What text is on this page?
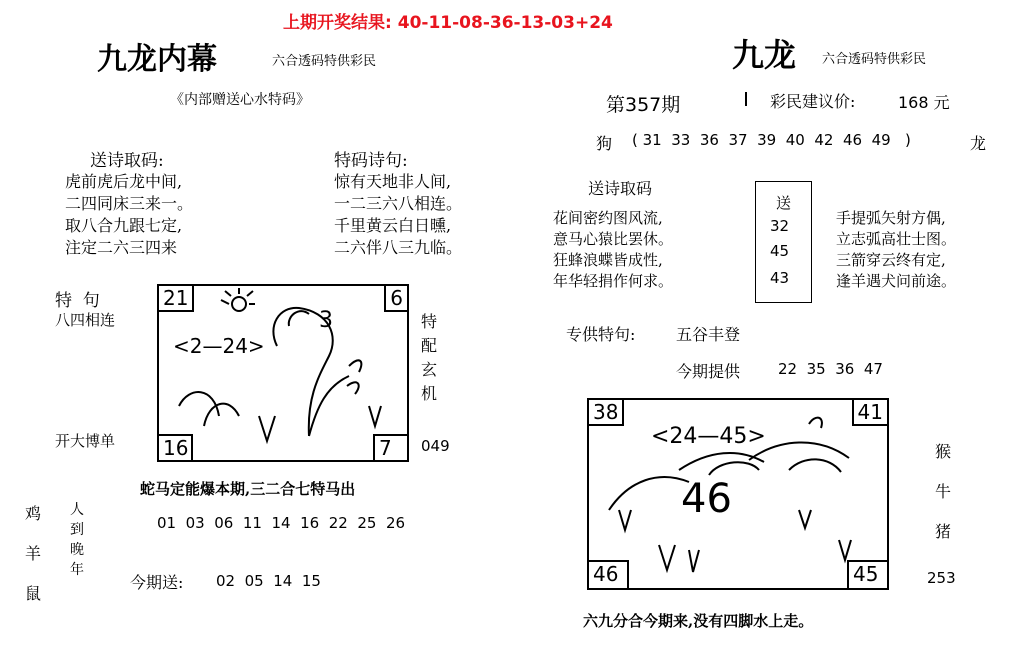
上期开奖结果: 40-11-08-36-13-03+24
九龙内幕	六合透码特供彩民
《内部赠送心水特码》
送诗取码:
虎前虎后龙中间,
二四同床三来一。
取八合九跟七定,
注定二六三四来
特码诗句:
惊有天地非人间,
一二三六八相连。
千里黄云白日曛,
二六伴八三九临。
特  句
八四相连
开大博单
21	6
16	7
<2—24>
3	特
配
玄
机
049
蛇马定能爆本期,三二合七特马出
01  03  06  11  14  16  22  25  26
鸡
羊
鼠
人
到
晚
年
今期送: 02  05  14  15
九龙 六合透码特供彩民
第357期	彩民建议价:	168 元
狗 ( 31  33  36  37  39  40  42  46  49   )	龙
送诗取码
花间密约图风流,
意马心猿比罢休。
狂蜂浪蝶皆成性,
年华轻捐作何求。
送
32
45
43
手提弧矢射方偶,
立志弧高壮士图。
三箭穿云终有定,
逢羊遇犬问前途。
专供特句:	五谷丰登
今期提供	22  35  36  47
38	41
46	45
<24—45>
46
猴
牛
猪
253
六九分合今期来,没有四脚水上走。
